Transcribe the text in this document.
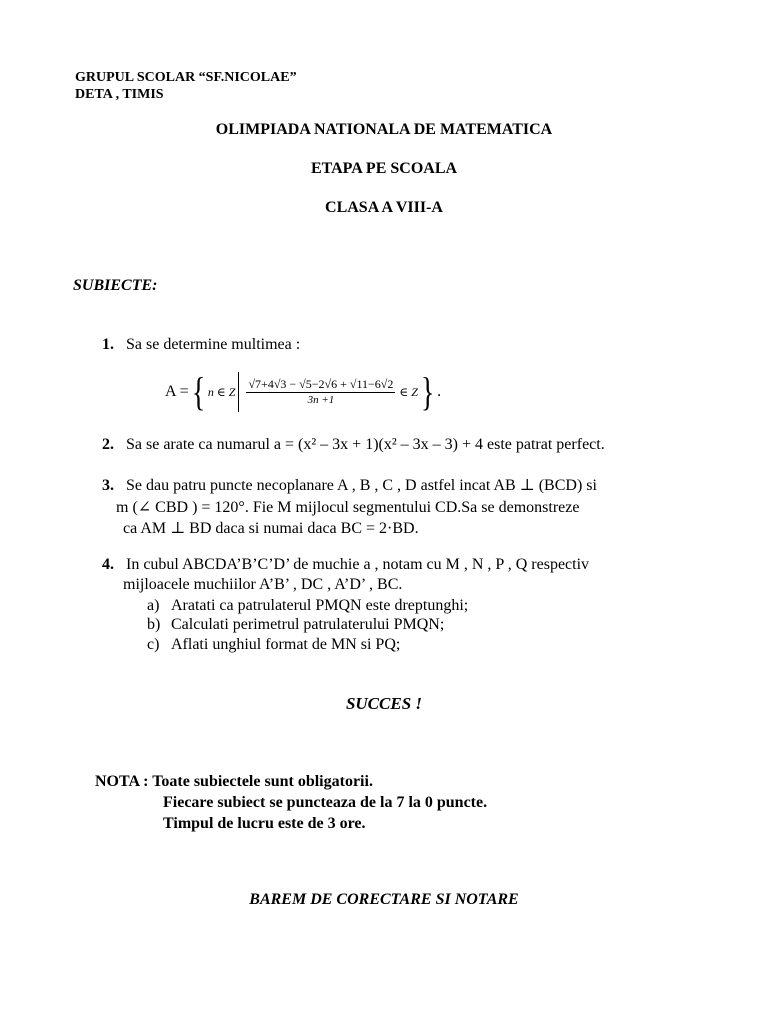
GRUPUL SCOLAR “SF.NICOLAE”
DETA , TIMIS
OLIMPIADA NATIONALA DE MATEMATICA
ETAPA PE SCOALA
CLASA A VIII-A
SUBIECTE:
1. Sa se determine multimea :
A = { n ∈ Z $\frac{√7+4√3 - √5-2√6 + √11-6√2}{3n +1}$ ∈ Z } .
2. Sa se arate ca numarul a = (x² – 3x + 1)(x² – 3x – 3) + 4 este patrat perfect.
3. Se dau patru puncte necoplanare A , B , C , D astfel incat AB ⊥ (BCD) si
m (∠ CBD ) = 120°. Fie M mijlocul segmentului CD.Sa se demonstreze
ca AM ⊥ BD daca si numai daca BC = 2·BD.
4. In cubul ABCDA’B’C’D’ de muchie a , notam cu M , N , P , Q respectiv
mijloacele muchiilor A’B’ , DC , A’D’ , BC.
a) Aratati ca patrulaterul PMQN este dreptunghi;
b) Calculati perimetrul patrulaterului PMQN;
c) Aflati unghiul format de MN si PQ;
SUCCES !
NOTA : Toate subiectele sunt obligatorii.
Fiecare subiect se puncteaza de la 7 la 0 puncte.
Timpul de lucru este de 3 ore.
BAREM DE CORECTARE SI NOTARE
